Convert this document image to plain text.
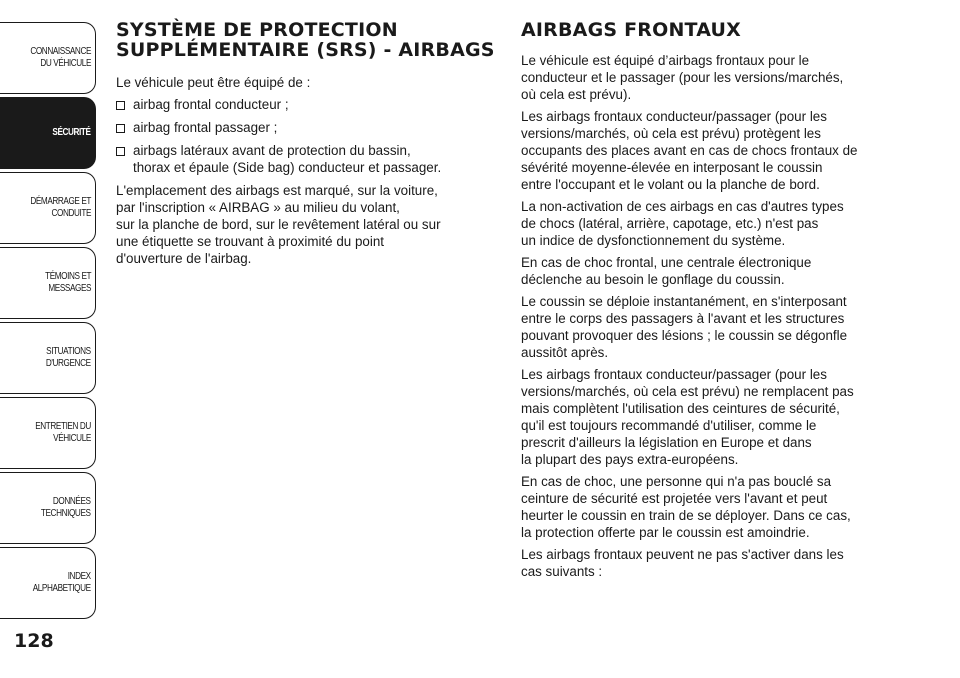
CONNAISSANCE
DU VÉHICULE
SÉCURITÉ
DÉMARRAGE ET
CONDUITE
TÉMOINS ET
MESSAGES
SITUATIONS
D'URGENCE
ENTRETIEN DU
VÉHICULE
DONNÉES
TECHNIQUES
INDEX
ALPHABETIQUE
128
SYSTÈME DE PROTECTION
SUPPLÉMENTAIRE (SRS) - AIRBAGS

Le véhicule peut être équipé de :

airbag frontal conducteur ;
airbag frontal passager ;
airbags latéraux avant de protection du bassin,
thorax et épaule (Side bag) conducteur et passager.

L'emplacement des airbags est marqué, sur la voiture,
par l'inscription « AIRBAG » au milieu du volant,
sur la planche de bord, sur le revêtement latéral ou sur
une étiquette se trouvant à proximité du point
d'ouverture de l'airbag.

AIRBAGS FRONTAUX

Le véhicule est équipé d’airbags frontaux pour le
conducteur et le passager (pour les versions/marchés,
où cela est prévu).

Les airbags frontaux conducteur/passager (pour les
versions/marchés, où cela est prévu) protègent les
occupants des places avant en cas de chocs frontaux de
sévérité moyenne-élevée en interposant le coussin
entre l'occupant et le volant ou la planche de bord.

La non-activation de ces airbags en cas d'autres types
de chocs (latéral, arrière, capotage, etc.) n'est pas
un indice de dysfonctionnement du système.

En cas de choc frontal, une centrale électronique
déclenche au besoin le gonflage du coussin.

Le coussin se déploie instantanément, en s'interposant
entre le corps des passagers à l'avant et les structures
pouvant provoquer des lésions ; le coussin se dégonfle
aussitôt après.

Les airbags frontaux conducteur/passager (pour les
versions/marchés, où cela est prévu) ne remplacent pas
mais complètent l'utilisation des ceintures de sécurité,
qu'il est toujours recommandé d'utiliser, comme le
prescrit d'ailleurs la législation en Europe et dans
la plupart des pays extra-européens.

En cas de choc, une personne qui n'a pas bouclé sa
ceinture de sécurité est projetée vers l'avant et peut
heurter le coussin en train de se déployer. Dans ce cas,
la protection offerte par le coussin est amoindrie.

Les airbags frontaux peuvent ne pas s'activer dans les
cas suivants :
